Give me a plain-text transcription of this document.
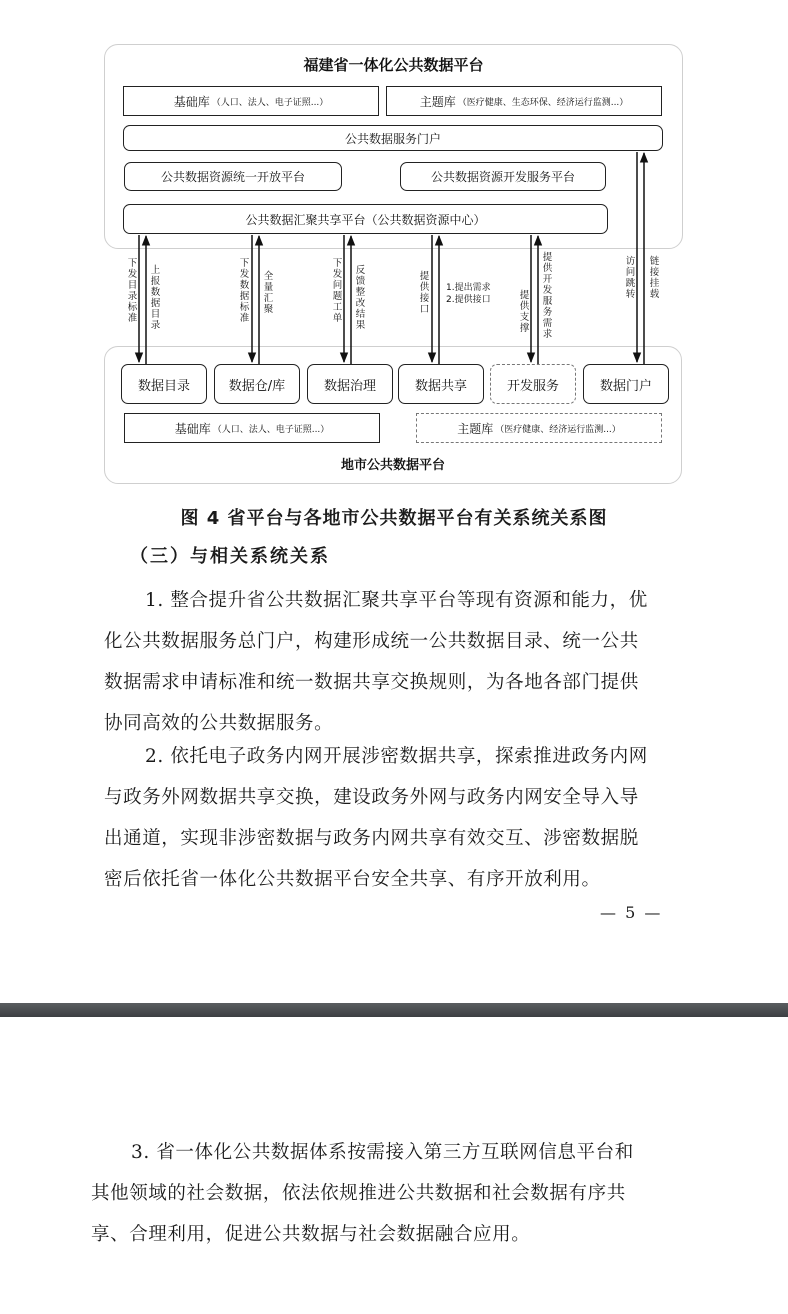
福建省一体化公共数据平台
基础库 （人口、法人、电子证照...）	主题库 （医疗健康、生态环保、经济运行监测...）
公共数据服务门户
公共数据资源统一开放平台	公共数据资源开发服务平台
公共数据汇聚共享平台（公共数据资源中心）
数据目录	数据仓/库	数据治理	数据共享	开发服务	数据门户
基础库 （人口、法人、电子证照...）	主题库 （医疗健康、经济运行监测...）
地市公共数据平台
下发目录标准
上报数据目录
下发数据标准
全量汇聚
下发问题工单
反馈整改结果
提供接口
1.提出需求
2.提供接口	提供支撑
提供开发服务需求
访问跳转
链接挂载
图 4 省平台与各地市公共数据平台有关系统关系图
（三）与相关系统关系
1. 整合提升省公共数据汇聚共享平台等现有资源和能力，优
化公共数据服务总门户，构建形成统一公共数据目录、统一公共
数据需求申请标准和统一数据共享交换规则，为各地各部门提供
协同高效的公共数据服务。
2. 依托电子政务内网开展涉密数据共享，探索推进政务内网
与政务外网数据共享交换，建设政务外网与政务内网安全导入导
出通道，实现非涉密数据与政务内网共享有效交互、涉密数据脱
密后依托省一体化公共数据平台安全共享、有序开放利用。
— 5 —
3. 省一体化公共数据体系按需接入第三方互联网信息平台和
其他领域的社会数据，依法依规推进公共数据和社会数据有序共
享、合理利用，促进公共数据与社会数据融合应用。
